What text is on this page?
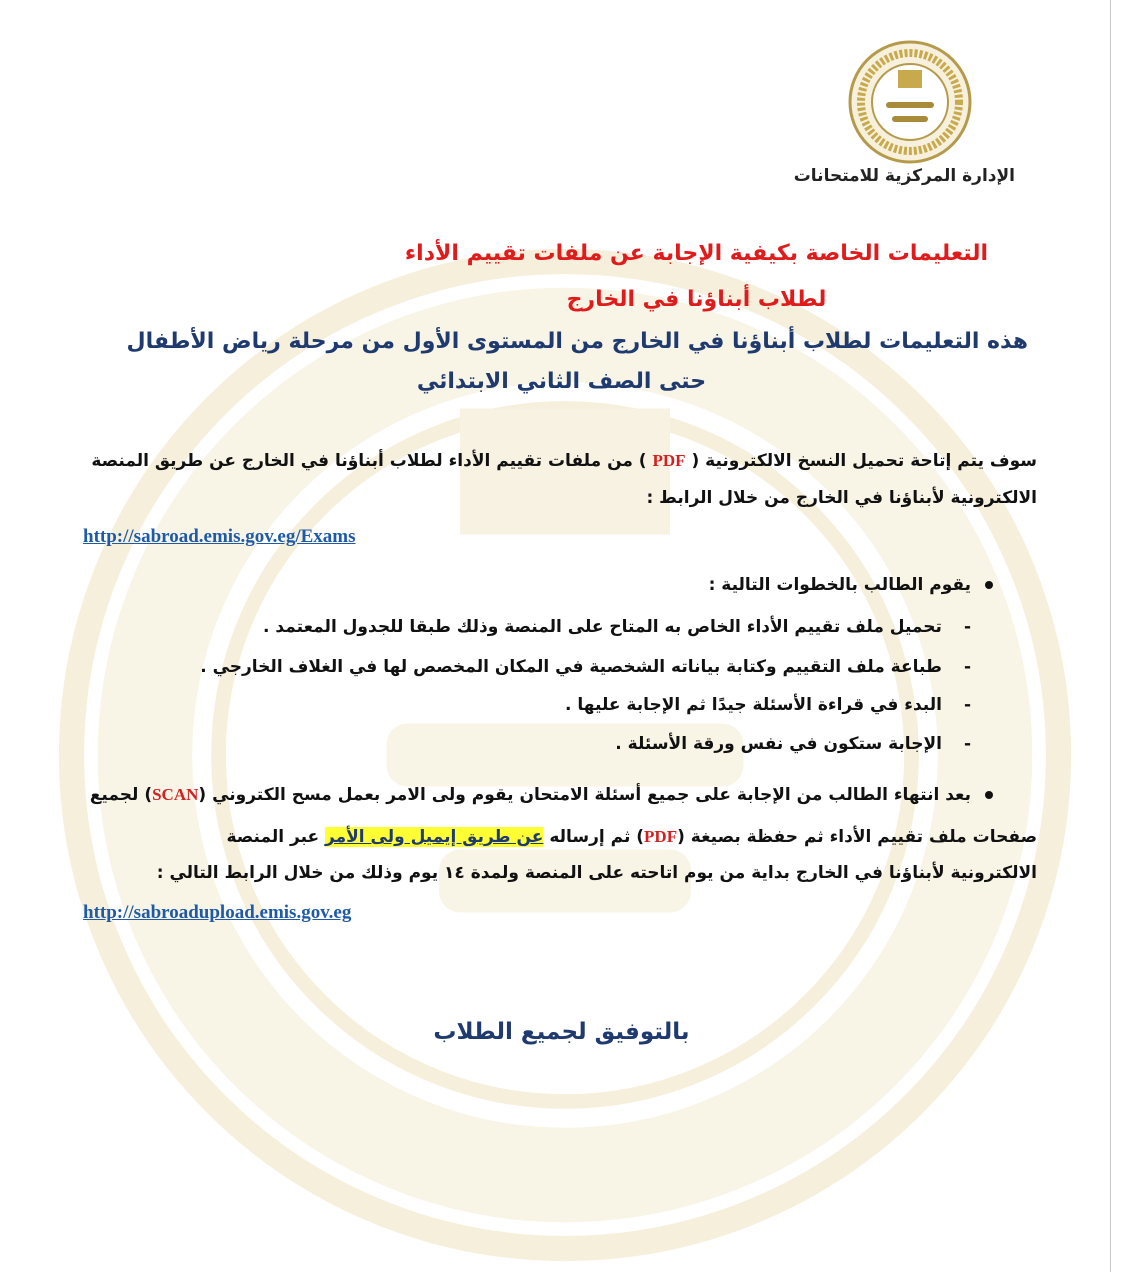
الإدارة المركزية للامتحانات
التعليمات الخاصة بكيفية الإجابة عن ملفات تقييم الأداء
لطلاب أبناؤنا في الخارج
هذه التعليمات لطلاب أبناؤنا في الخارج من المستوى الأول من مرحلة رياض الأطفال
حتى الصف الثاني الابتدائي
سوف يتم إتاحة تحميل النسخ الالكترونية ( PDF ) من ملفات تقييم الأداء لطلاب أبناؤنا في الخارج عن طريق المنصة
الالكترونية لأبناؤنا في الخارج من خلال الرابط :
http://sabroad.emis.gov.eg/Exams
يقوم الطالب بالخطوات التالية :
-تحميل ملف تقييم الأداء الخاص به المتاح على المنصة وذلك طبقا للجدول المعتمد .
-طباعة ملف التقييم وكتابة بياناته الشخصية في المكان المخصص لها في الغلاف الخارجي .
-البدء في قراءة الأسئلة جيدًا ثم الإجابة عليها .
-الإجابة ستكون في نفس ورقة الأسئلة .
بعد انتهاء الطالب من الإجابة على جميع أسئلة الامتحان يقوم ولى الامر بعمل مسح الكتروني (SCAN) لجميع
صفحات ملف تقييم الأداء ثم حفظة بصيغة (PDF) ثم إرساله عن طريق إيميل ولى الأمر عبر المنصة
الالكترونية لأبناؤنا في الخارج بداية من يوم اتاحته على المنصة ولمدة ١٤ يوم وذلك من خلال الرابط التالي :
http://sabroadupload.emis.gov.eg
بالتوفيق لجميع الطلاب
